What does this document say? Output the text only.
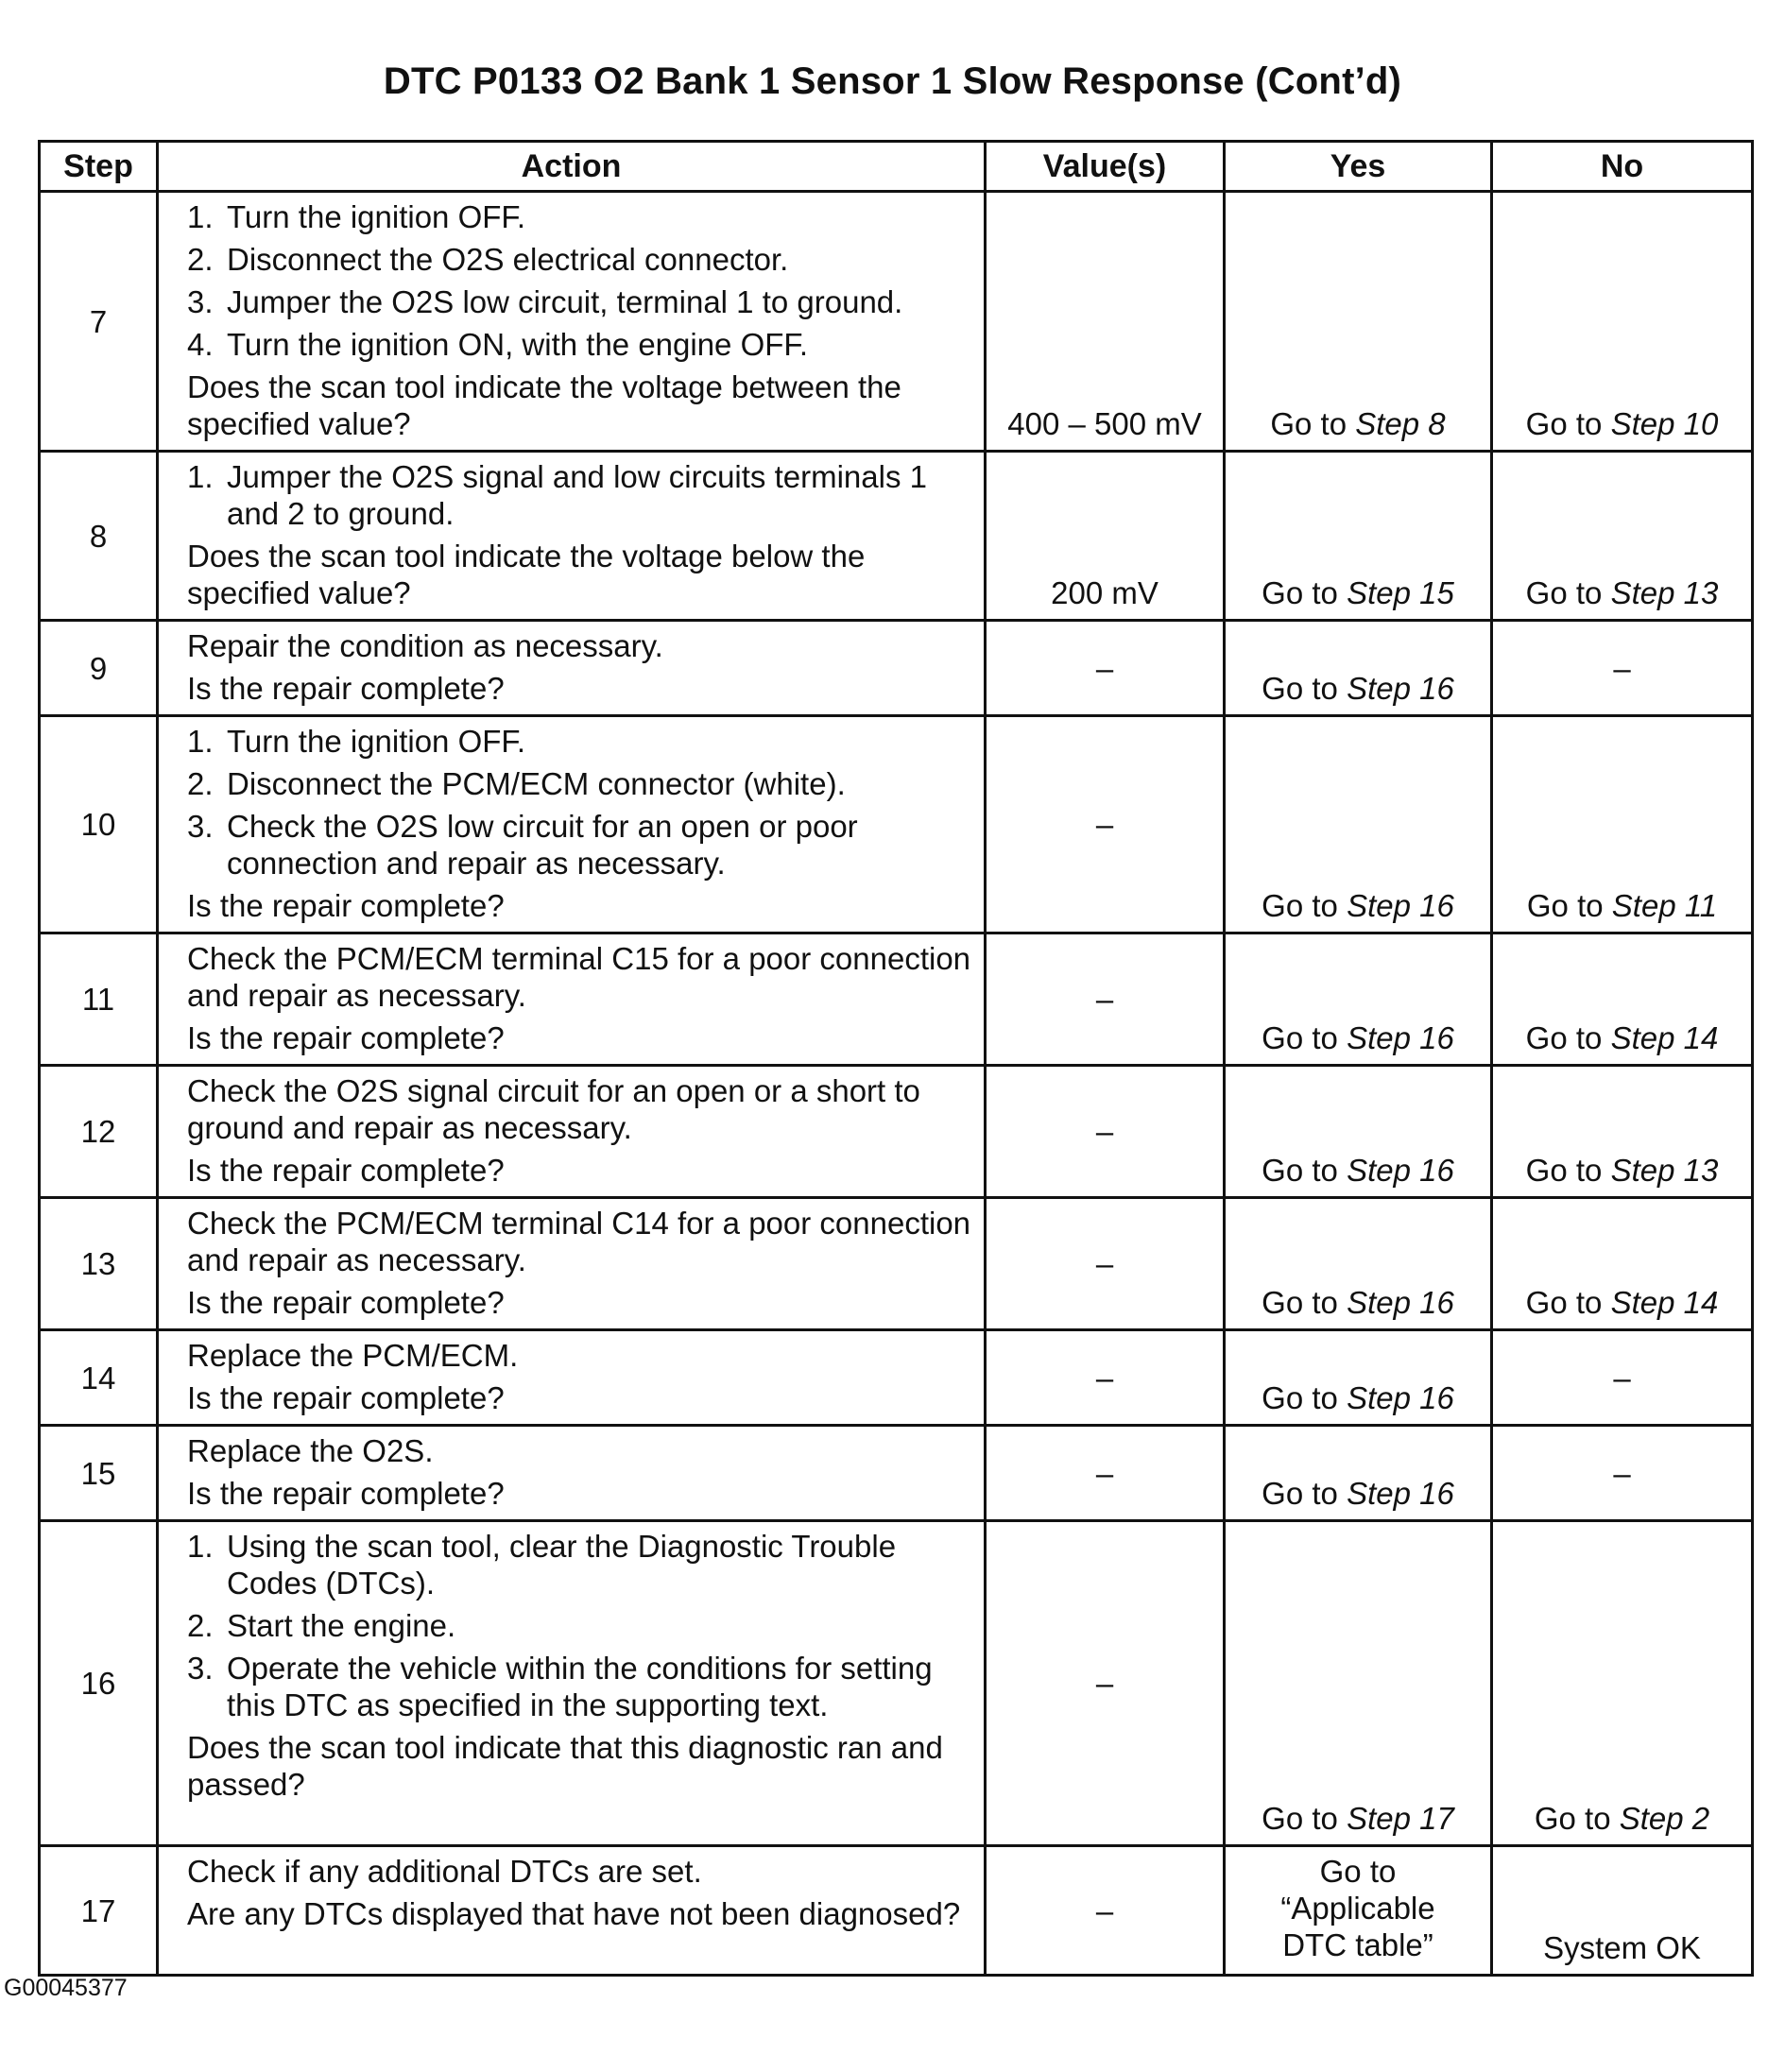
DTC P0133 O2 Bank 1 Sensor 1 Slow Response (Cont’d)
Step	Action	Value(s)	Yes	No
7	1. Turn the ignition OFF.
2. Disconnect the O2S electrical connector.
3. Jumper the O2S low circuit, terminal 1 to ground.
4. Turn the ignition ON, with the engine OFF.
Does the scan tool indicate the voltage between the specified value?	400 – 500 mV	Go to Step 8	Go to Step 10
8	1. Jumper the O2S signal and low circuits terminals 1 and 2 to ground.
Does the scan tool indicate the voltage below the specified value?	200 mV	Go to Step 15	Go to Step 13
9	Repair the condition as necessary.
Is the repair complete?	–	Go to Step 16	–
10	1. Turn the ignition OFF.
2. Disconnect the PCM/ECM connector (white).
3. Check the O2S low circuit for an open or poor connection and repair as necessary.
Is the repair complete?	–	Go to Step 16	Go to Step 11
11	Check the PCM/ECM terminal C15 for a poor connection and repair as necessary.
Is the repair complete?	–	Go to Step 16	Go to Step 14
12	Check the O2S signal circuit for an open or a short to ground and repair as necessary.
Is the repair complete?	–	Go to Step 16	Go to Step 13
13	Check the PCM/ECM terminal C14 for a poor connection and repair as necessary.
Is the repair complete?	–	Go to Step 16	Go to Step 14
14	Replace the PCM/ECM.
Is the repair complete?	–	Go to Step 16	–
15	Replace the O2S.
Is the repair complete?	–	Go to Step 16	–
16	1. Using the scan tool, clear the Diagnostic Trouble Codes (DTCs).
2. Start the engine.
3. Operate the vehicle within the conditions for setting this DTC as specified in the supporting text.
Does the scan tool indicate that this diagnostic ran and passed?	–	Go to Step 17	Go to Step 2
17	Check if any additional DTCs are set.
Are any DTCs displayed that have not been diagnosed?	–	Go to
“Applicable
DTC table”	System OK
G00045377
